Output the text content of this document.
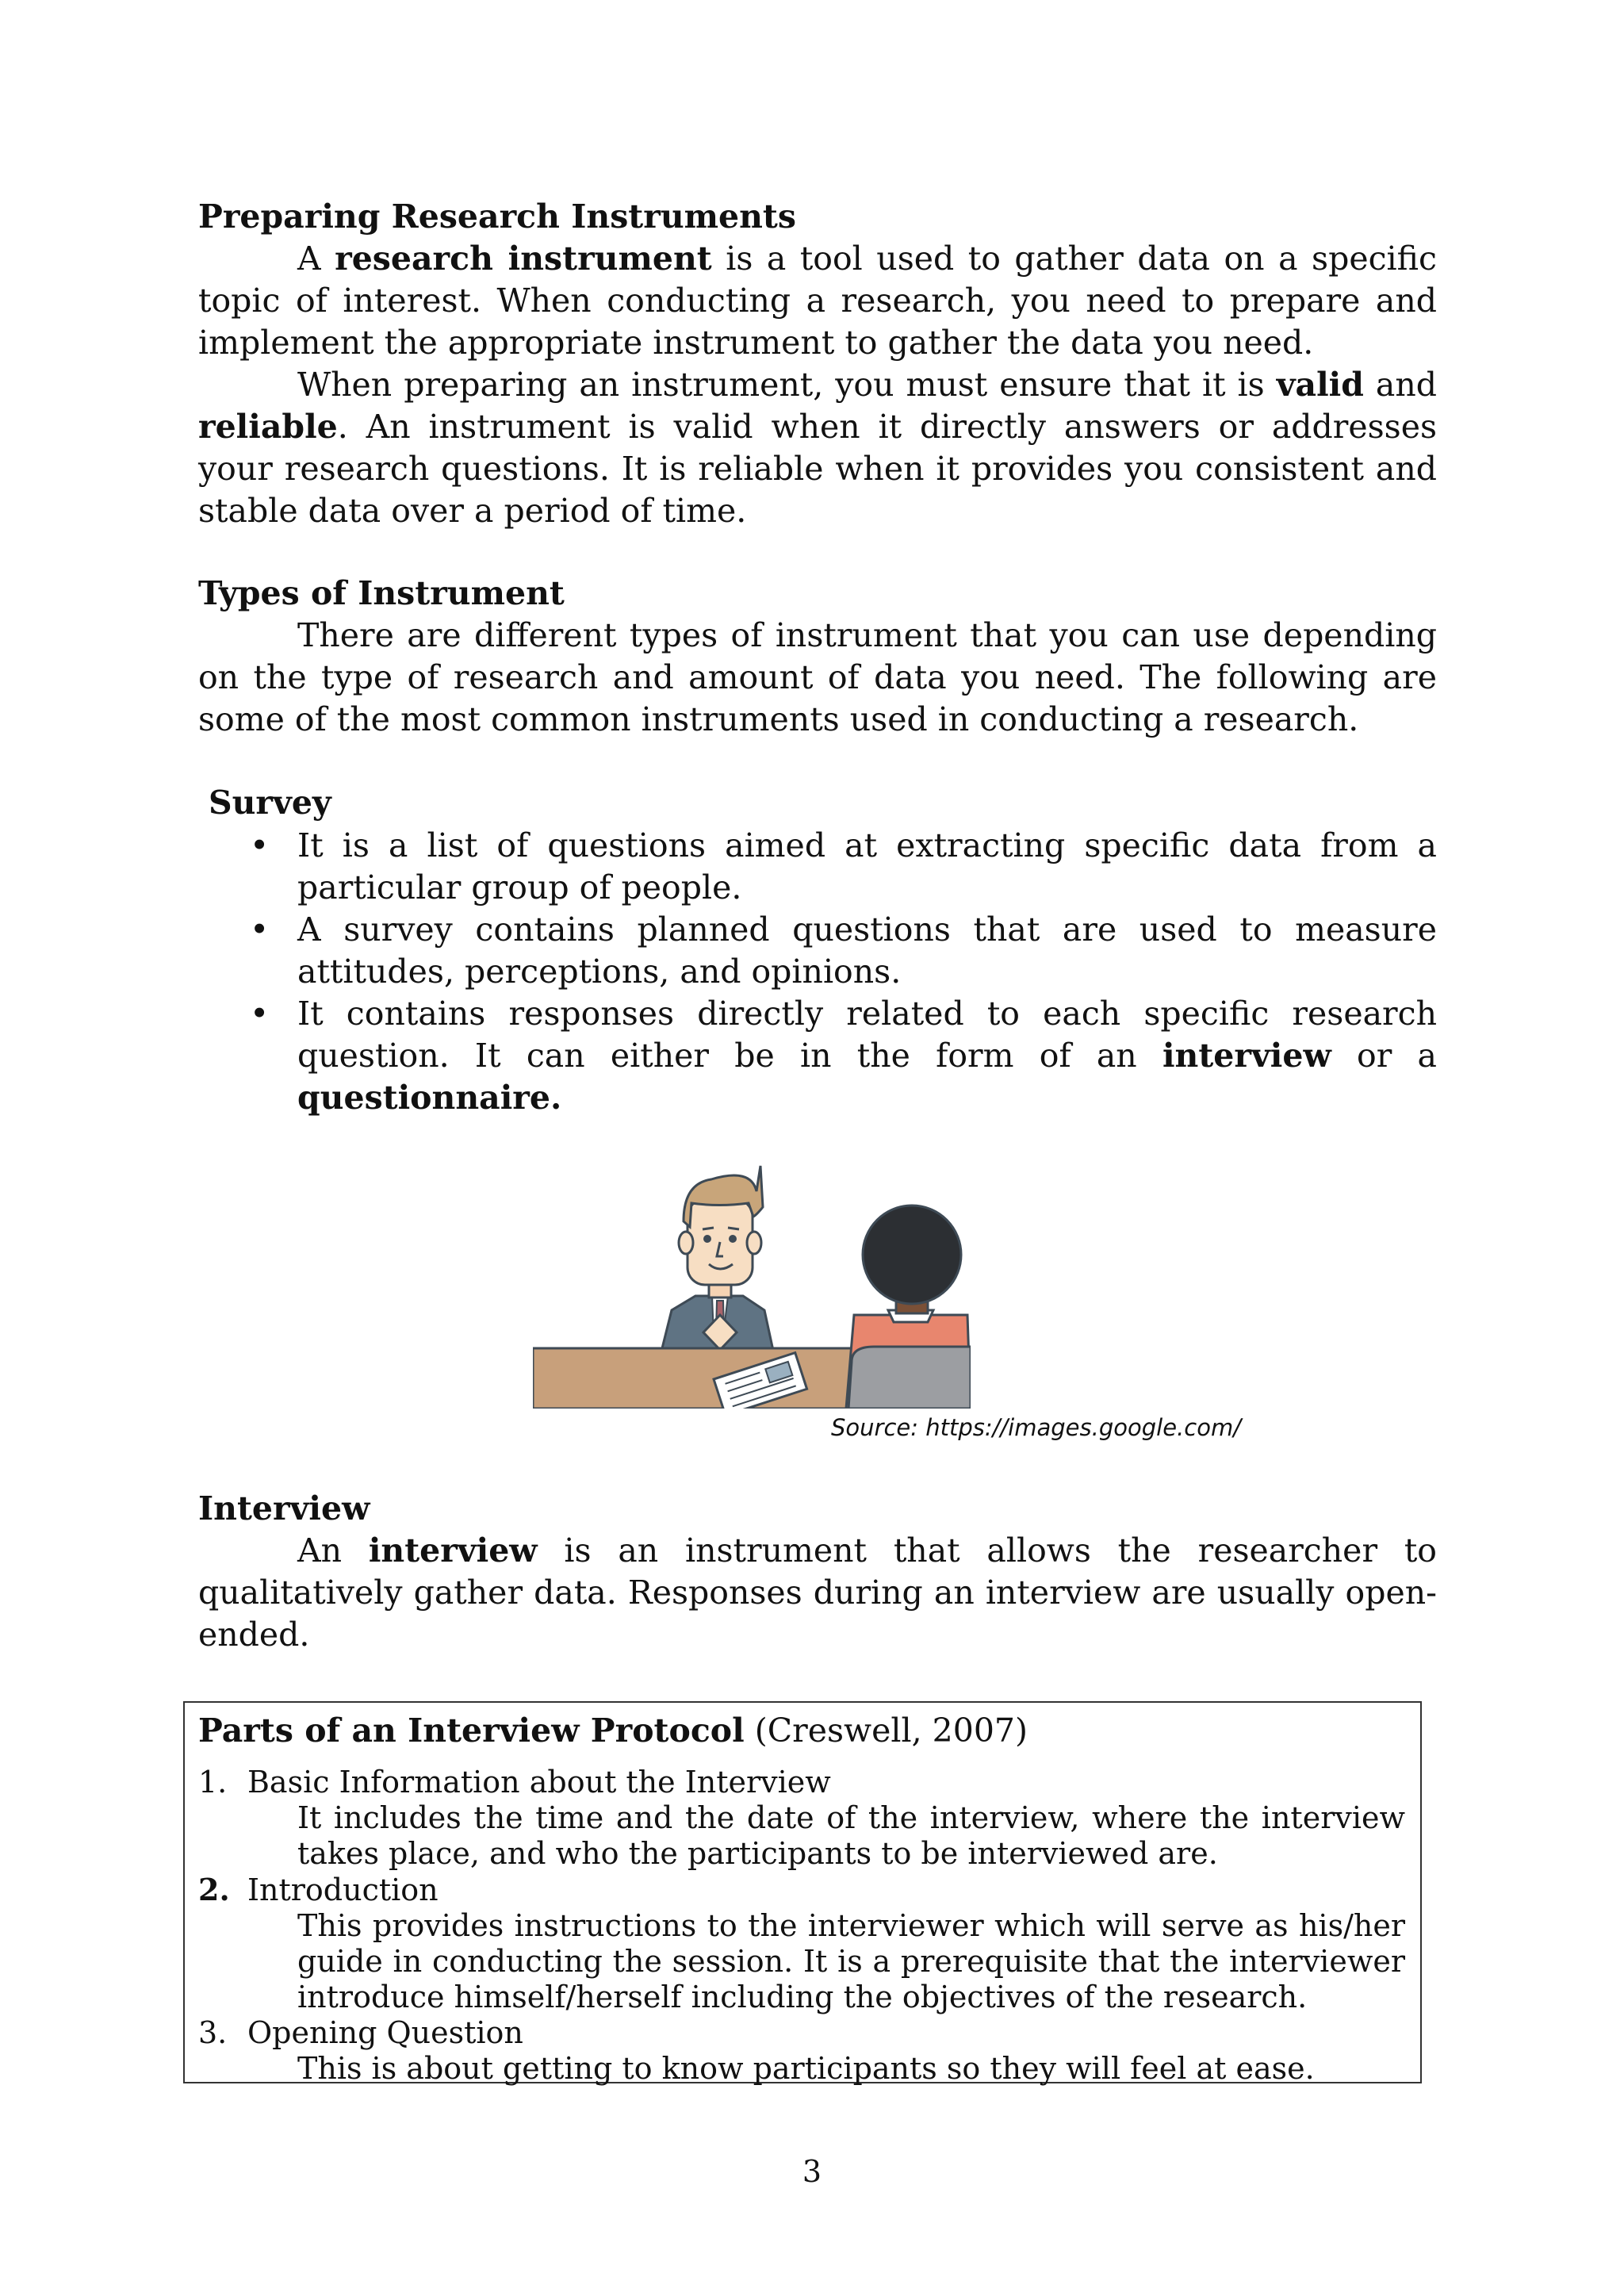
Preparing Research Instruments

A research instrument is a tool used to gather data on a specific topic of interest. When conducting a research, you need to prepare and implement the appropriate instrument to gather the data you need.

When preparing an instrument, you must ensure that it is valid and reliable. An instrument is valid when it directly answers or addresses your research questions. It is reliable when it provides you consistent and stable data over a period of time.

Types of Instrument

There are different types of instrument that you can use depending on the type of research and amount of data you need. The following are some of the most common instruments used in conducting a research.

Survey
• It is a list of questions aimed at extracting specific data from a particular group of people.
• A survey contains planned questions that are used to measure attitudes, perceptions, and opinions.
• It contains responses directly related to each specific research question. It can either be in the form of an interview or a questionnaire.
Source: https://images.google.com/
Interview

An interview is an instrument that allows the researcher to qualitatively gather data. Responses during an interview are usually open-ended.

Parts of an Interview Protocol (Creswell, 2007)
1. Basic Information about the Interview
It includes the time and the date of the interview, where the interview takes place, and who the participants to be interviewed are.
2. Introduction
This provides instructions to the interviewer which will serve as his/her guide in conducting the session. It is a prerequisite that the interviewer introduce himself/herself including the objectives of the research.
3. Opening Question
This is about getting to know participants so they will feel at ease.
3
